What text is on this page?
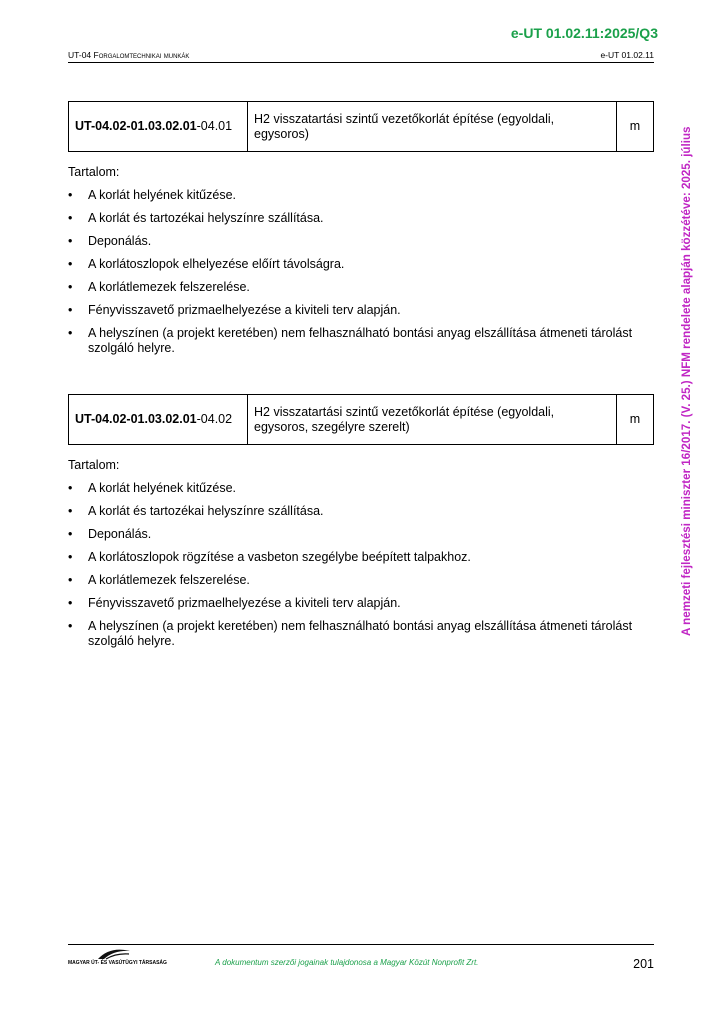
e-UT 01.02.11:2025/Q3
UT-04 Forgalomtechnikai munkák	e-UT 01.02.11
A nemzeti fejlesztési miniszter 16/2017. (V. 25.) NFM rendelete alapján közzétéve: 2025. július
UT-04.02-01.03.02.01-04.01	H2 visszatartási szintű vezetőkorlát építése (egyoldali, egysoros)	m
Tartalom:
• A korlát helyének kitűzése.
• A korlát és tartozékai helyszínre szállítása.
• Deponálás.
• A korlátoszlopok elhelyezése előírt távolságra.
• A korlátlemezek felszerelése.
• Fényvisszavető prizmaelhelyezése a kiviteli terv alapján.
• A helyszínen (a projekt keretében) nem felhasználható bontási anyag elszállítása átmeneti tárolást szolgáló helyre.
UT-04.02-01.03.02.01-04.02	H2 visszatartási szintű vezetőkorlát építése (egyoldali, egysoros, szegélyre szerelt)	m
Tartalom:
• A korlát helyének kitűzése.
• A korlát és tartozékai helyszínre szállítása.
• Deponálás.
• A korlátoszlopok rögzítése a vasbeton szegélybe beépített talpakhoz.
• A korlátlemezek felszerelése.
• Fényvisszavető prizmaelhelyezése a kiviteli terv alapján.
• A helyszínen (a projekt keretében) nem felhasználható bontási anyag elszállítása átmeneti tárolást szolgáló helyre.
MAGYAR ÚT- ÉS VASÚTÜGYI TÁRSASÁG	A dokumentum szerzői jogainak tulajdonosa a Magyar Közút Nonprofit Zrt.	201
